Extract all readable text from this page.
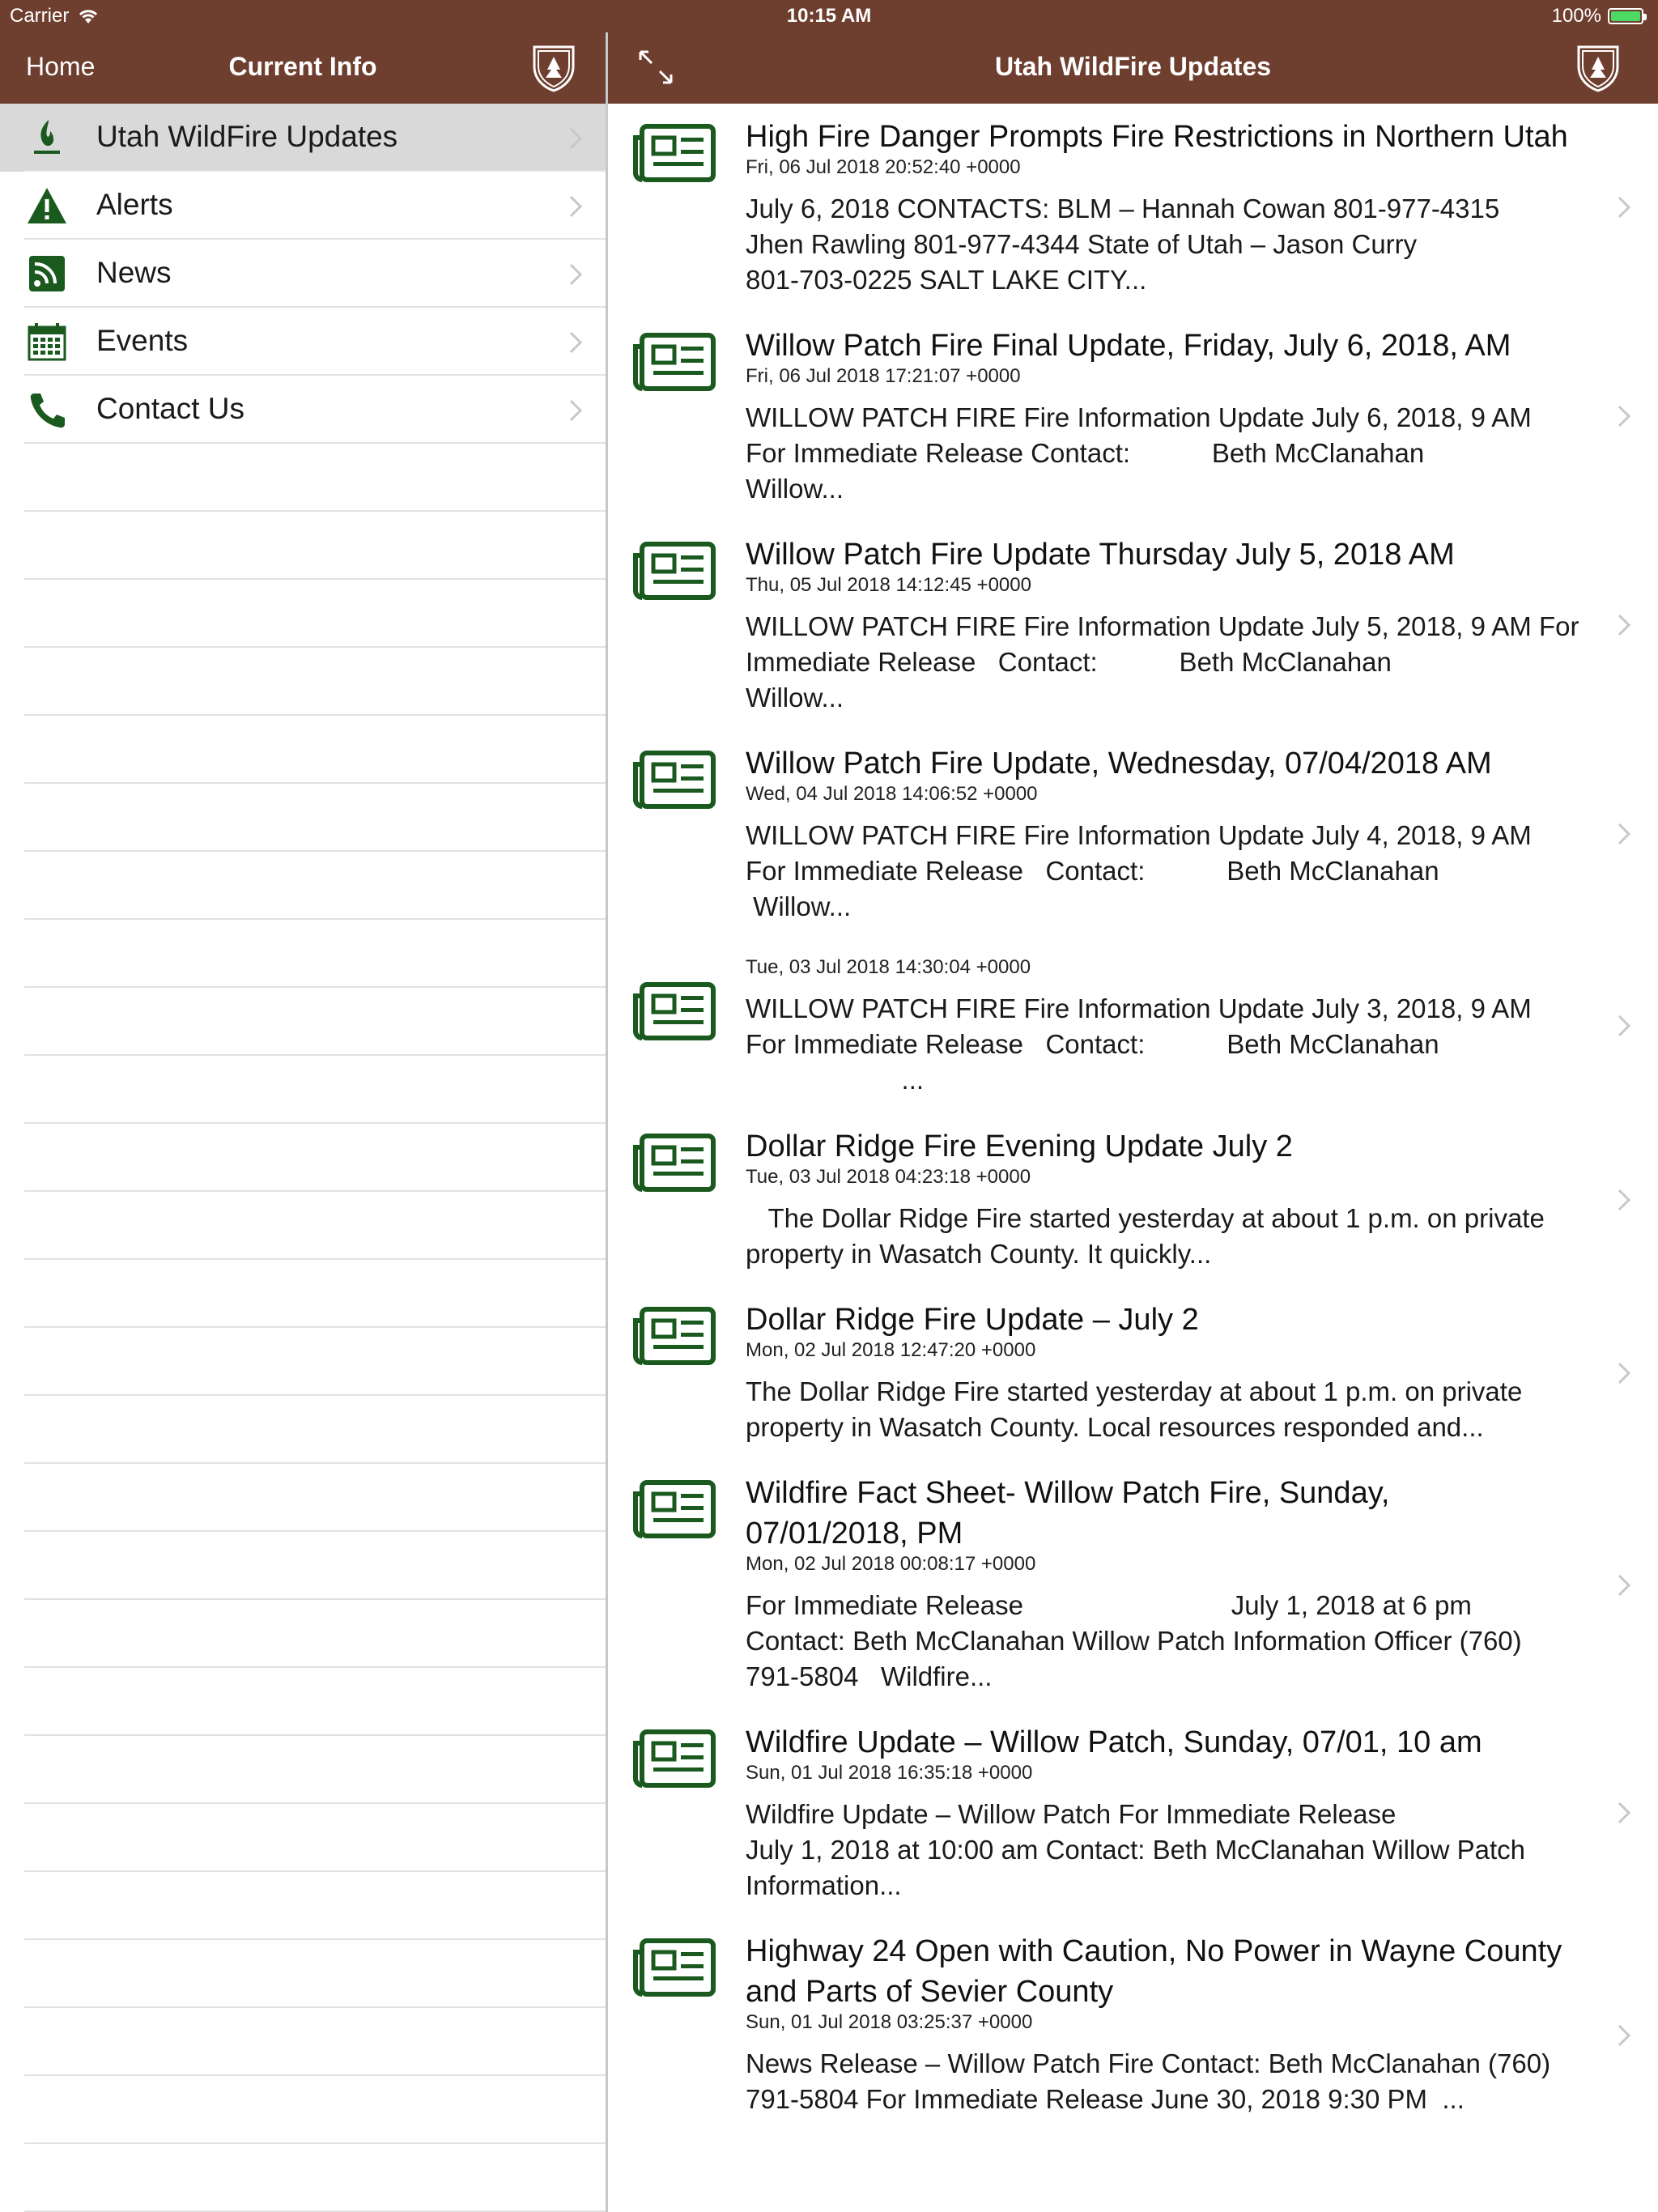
Carrier	10:15 AM	100%
Home	Current Info	Utah WildFire Updates
Utah WildFire Updates
Alerts
News
Events
Contact Us
High Fire Danger Prompts Fire Restrictions in Northern Utah
Fri, 06 Jul 2018 20:52:40 +0000
July 6, 2018 CONTACTS: BLM – Hannah Cowan 801-977-4315
Jhen Rawling 801-977-4344 State of Utah – Jason Curry
801-703-0225 SALT LAKE CITY...
Willow Patch Fire Final Update, Friday, July 6, 2018, AM
Fri, 06 Jul 2018 17:21:07 +0000
WILLOW PATCH FIRE Fire Information Update July 6, 2018, 9 AM
For Immediate Release Contact:           Beth McClanahan
Willow...
Willow Patch Fire Update Thursday July 5, 2018 AM
Thu, 05 Jul 2018 14:12:45 +0000
WILLOW PATCH FIRE Fire Information Update July 5, 2018, 9 AM For
Immediate Release   Contact:           Beth McClanahan
Willow...
Willow Patch Fire Update, Wednesday, 07/04/2018 AM
Wed, 04 Jul 2018 14:06:52 +0000
WILLOW PATCH FIRE Fire Information Update July 4, 2018, 9 AM
For Immediate Release   Contact:           Beth McClanahan
Willow...
Tue, 03 Jul 2018 14:30:04 +0000
WILLOW PATCH FIRE Fire Information Update July 3, 2018, 9 AM
For Immediate Release   Contact:           Beth McClanahan
...
Dollar Ridge Fire Evening Update July 2
Tue, 03 Jul 2018 04:23:18 +0000
The Dollar Ridge Fire started yesterday at about 1 p.m. on private
property in Wasatch County. It quickly...
Dollar Ridge Fire Update – July 2
Mon, 02 Jul 2018 12:47:20 +0000
The Dollar Ridge Fire started yesterday at about 1 p.m. on private
property in Wasatch County. Local resources responded and...
Wildfire Fact Sheet- Willow Patch Fire, Sunday, 07/01/2018, PM
Mon, 02 Jul 2018 00:08:17 +0000
For Immediate Release                            July 1, 2018 at 6 pm
Contact: Beth McClanahan Willow Patch Information Officer (760)
791-5804   Wildfire...
Wildfire Update – Willow Patch, Sunday, 07/01, 10 am
Sun, 01 Jul 2018 16:35:18 +0000
Wildfire Update – Willow Patch For Immediate Release
July 1, 2018 at 10:00 am Contact: Beth McClanahan Willow Patch
Information...
Highway 24 Open with Caution, No Power in Wayne County and Parts of Sevier County
Sun, 01 Jul 2018 03:25:37 +0000
News Release – Willow Patch Fire Contact: Beth McClanahan (760)
791-5804 For Immediate Release June 30, 2018 9:30 PM  ...
